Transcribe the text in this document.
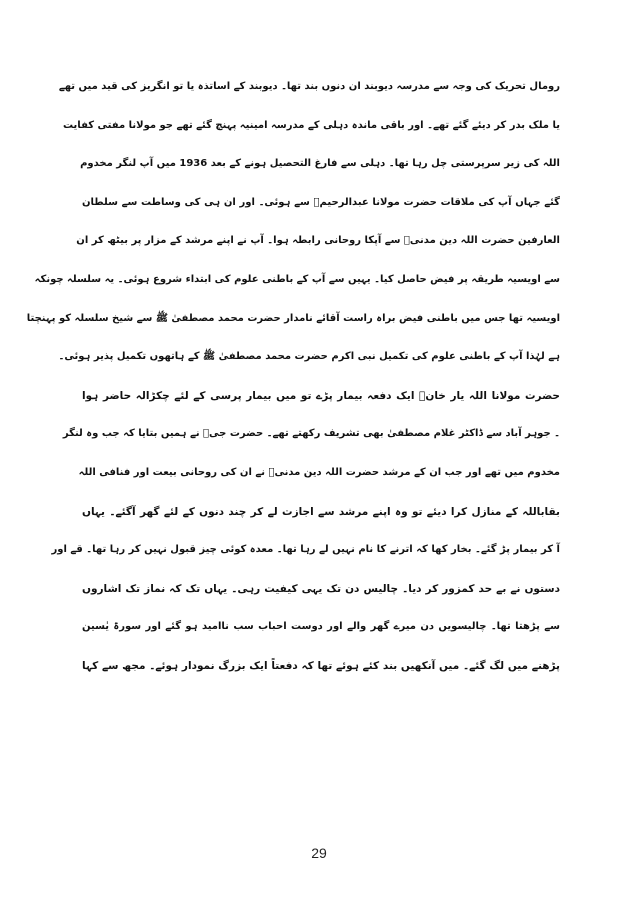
رومال تحریک کی وجہ سے مدرسہ دیوبند ان دنوں بند تھا۔ دیوبند کے اساتذہ یا تو انگریز کی قید میں تھے
یا ملک بدر کر دیئے گئے تھے۔ اور باقی ماندہ دہلی کے مدرسہ امینیہ پہنچ گئے تھے جو مولانا مفتی کفایت
اللہ کی زیر سرپرستی چل رہا تھا۔ دہلی سے فارغ التحصیل ہونے کے بعد 1936 میں آپ لنگر مخدوم
گئے جہاں آپ کی ملاقات حضرت مولانا عبدالرحیمؒ سے ہوئی۔ اور ان ہی کی وساطت سے سلطان
العارفین حضرت اللہ دین مدنیؒ سے آپکا روحانی رابطہ ہوا۔ آپ نے اپنے مرشد کے مزار پر بیٹھ کر ان
سے اویسیہ طریقہ پر فیض حاصل کیا۔ یہیں سے آپ کے باطنی علوم کی ابتداء شروع ہوئی۔ یہ سلسلہ چونکہ
اویسیہ تھا جس میں باطنی فیض براہ راست آقائے نامدار حضرت محمد مصطفیٰ ﷺ سے شیخ سلسلہ کو پہنچتا
ہے لہٰذا آپ کے باطنی علوم کی تکمیل نبی اکرم حضرت محمد مصطفیٰ ﷺ کے ہاتھوں تکمیل پذیر ہوئی۔
حضرت مولانا اللہ یار خانؒ ایک دفعہ بیمار پڑے تو میں بیمار پرسی کے لئے چکڑالہ حاضر ہوا
۔ جوہر آباد سے ڈاکٹر غلام مصطفیٰ بھی تشریف رکھتے تھے۔ حضرت جیؒ نے ہمیں بتایا کہ جب وہ لنگر
مخدوم میں تھے اور جب ان کے مرشد حضرت اللہ دین مدنیؒ نے ان کی روحانی بیعت اور فنافی اللہ
بقاباللہ کے منازل کرا دیئے تو وہ اپنے مرشد سے اجازت لے کر چند دنوں کے لئے گھر آگئے۔ یہاں
آ کر بیمار پڑ گئے۔ بخار کھا کہ اترنے کا نام نہیں لے رہا تھا۔ معدہ کوئی چیز قبول نہیں کر رہا تھا۔ قے اور
دستوں نے بے حد کمزور کر دیا۔ چالیس دن تک یہی کیفیت رہی۔ یہاں تک کہ نماز تک اشاروں
سے پڑھتا تھا۔ چالیسویں دن میرے گھر والے اور دوست احباب سب ناامید ہو گئے اور سورۃ یٰسین
پڑھنے میں لگ گئے۔ میں آنکھیں بند کئے ہوئے تھا کہ دفعتاً ایک بزرگ نمودار ہوئے۔ مجھ سے کہا
29
